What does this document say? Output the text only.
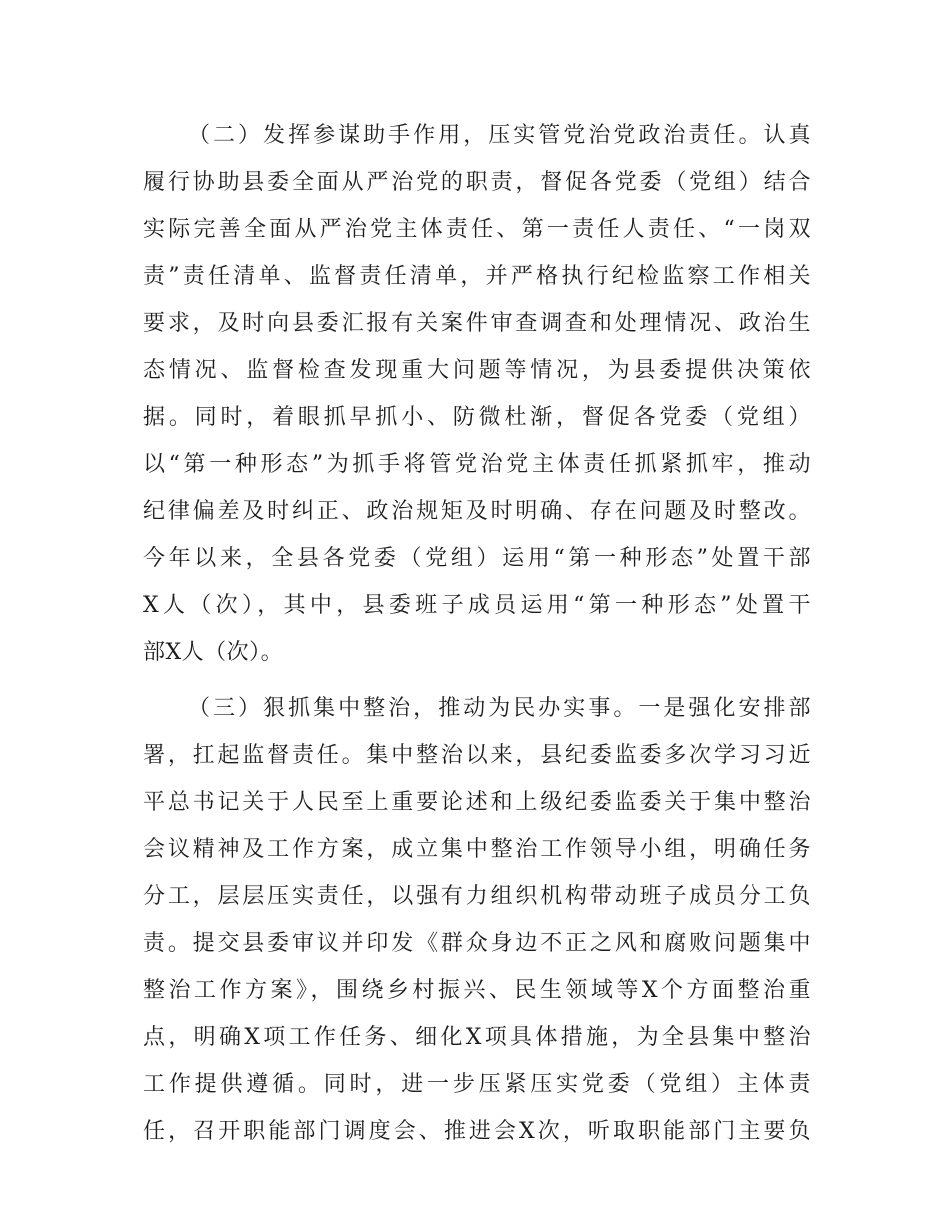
（二）发挥参谋助手作用，压实管党治党政治责任。认真
履行协助县委全面从严治党的职责，督促各党委（党组）结合
实际完善全面从严治党主体责任、第一责任人责任、“一岗双
责”责任清单、监督责任清单，并严格执行纪检监察工作相关
要求，及时向县委汇报有关案件审查调查和处理情况、政治生
态情况、监督检查发现重大问题等情况，为县委提供决策依
据。同时，着眼抓早抓小、防微杜渐，督促各党委（党组）
以“第一种形态”为抓手将管党治党主体责任抓紧抓牢，推动
纪律偏差及时纠正、政治规矩及时明确、存在问题及时整改。
今年以来，全县各党委（党组）运用“第一种形态”处置干部
X人（次），其中，县委班子成员运用“第一种形态”处置干
部X人（次）。
（三）狠抓集中整治，推动为民办实事。一是强化安排部
署，扛起监督责任。集中整治以来，县纪委监委多次学习习近
平总书记关于人民至上重要论述和上级纪委监委关于集中整治
会议精神及工作方案，成立集中整治工作领导小组，明确任务
分工，层层压实责任，以强有力组织机构带动班子成员分工负
责。提交县委审议并印发《群众身边不正之风和腐败问题集中
整治工作方案》，围绕乡村振兴、民生领域等X个方面整治重
点，明确X项工作任务、细化X项具体措施，为全县集中整治
工作提供遵循。同时，进一步压紧压实党委（党组）主体责
任，召开职能部门调度会、推进会X次，听取职能部门主要负
